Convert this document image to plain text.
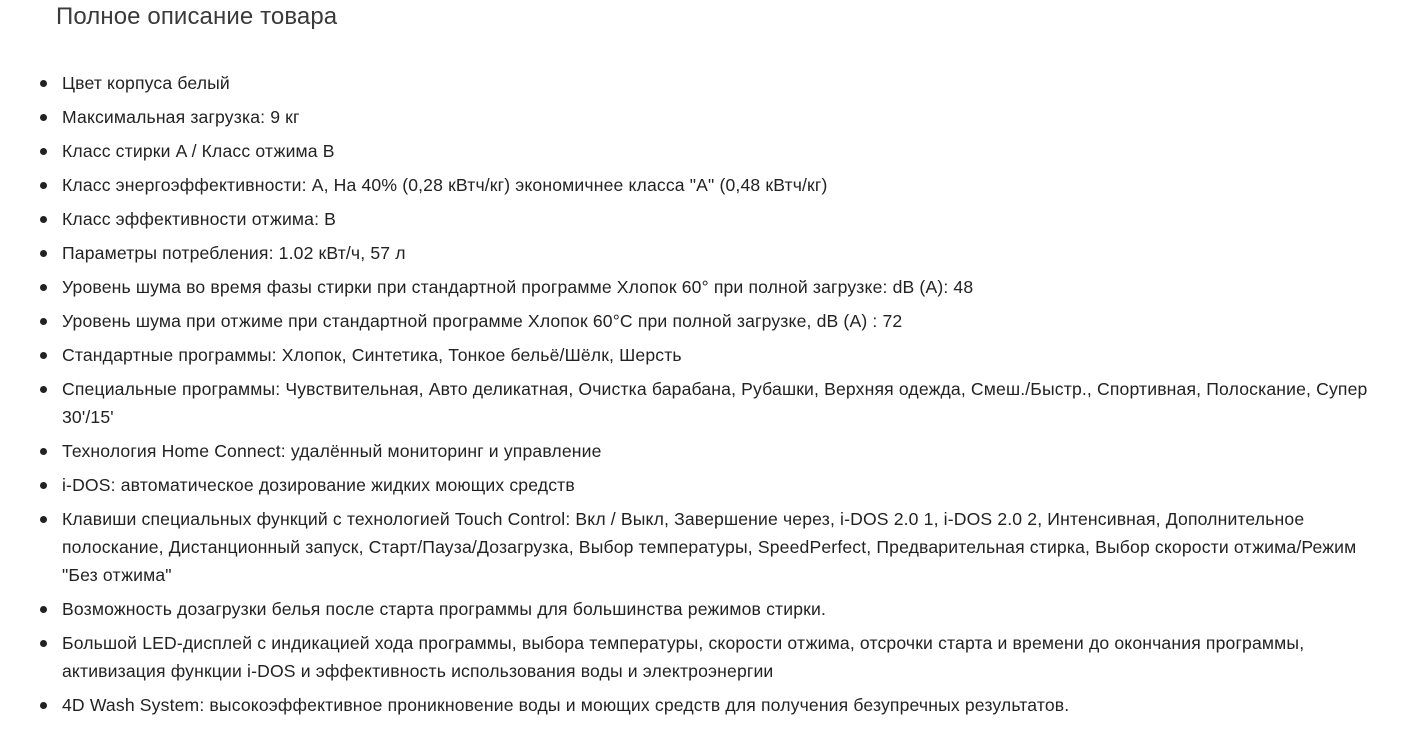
Полное описание товара
Цвет корпуса белый
Максимальная загрузка: 9 кг
Класс стирки A / Класс отжима B
Класс энергоэффективности: A, На 40% (0,28 кВтч/кг) экономичнее класса "A" (0,48 кВтч/кг)
Класс эффективности отжима: B
Параметры потребления: 1.02 кВт/ч, 57 л
Уровень шума во время фазы стирки при стандартной программе Хлопок 60° при полной загрузке: dB (A): 48
Уровень шума при отжиме при стандартной программе Хлопок 60°C при полной загрузке, dB (A) : 72
Стандартные программы: Хлопок, Синтетика, Тонкое бельё/Шёлк, Шерсть
Специальные программы: Чувствительная, Авто деликатная, Очистка барабана, Рубашки, Верхняя одежда, Смеш./Быстр., Спортивная, Полоскание, Супер 30'/15'
Технология Home Connect: удалённый мониторинг и управление
i-DOS: автоматическое дозирование жидких моющих средств
Клавиши специальных функций с технологией Touch Control: Вкл / Выкл, Завершение через, i-DOS 2.0 1, i-DOS 2.0 2, Интенсивная, Дополнительное полоскание, Дистанционный запуск, Старт/Пауза/Дозагрузка, Выбор температуры, SpeedPerfect, Предварительная стирка, Выбор скорости отжима/Режим "Без отжима"
Возможность дозагрузки белья после старта программы для большинства режимов стирки.
Большой LED-дисплей с индикацией хода программы, выбора температуры, скорости отжима, отсрочки старта и времени до окончания программы, активизация функции i-DOS и эффективность использования воды и электроэнергии
4D Wash System: высокоэффективное проникновение воды и моющих средств для получения безупречных результатов.
